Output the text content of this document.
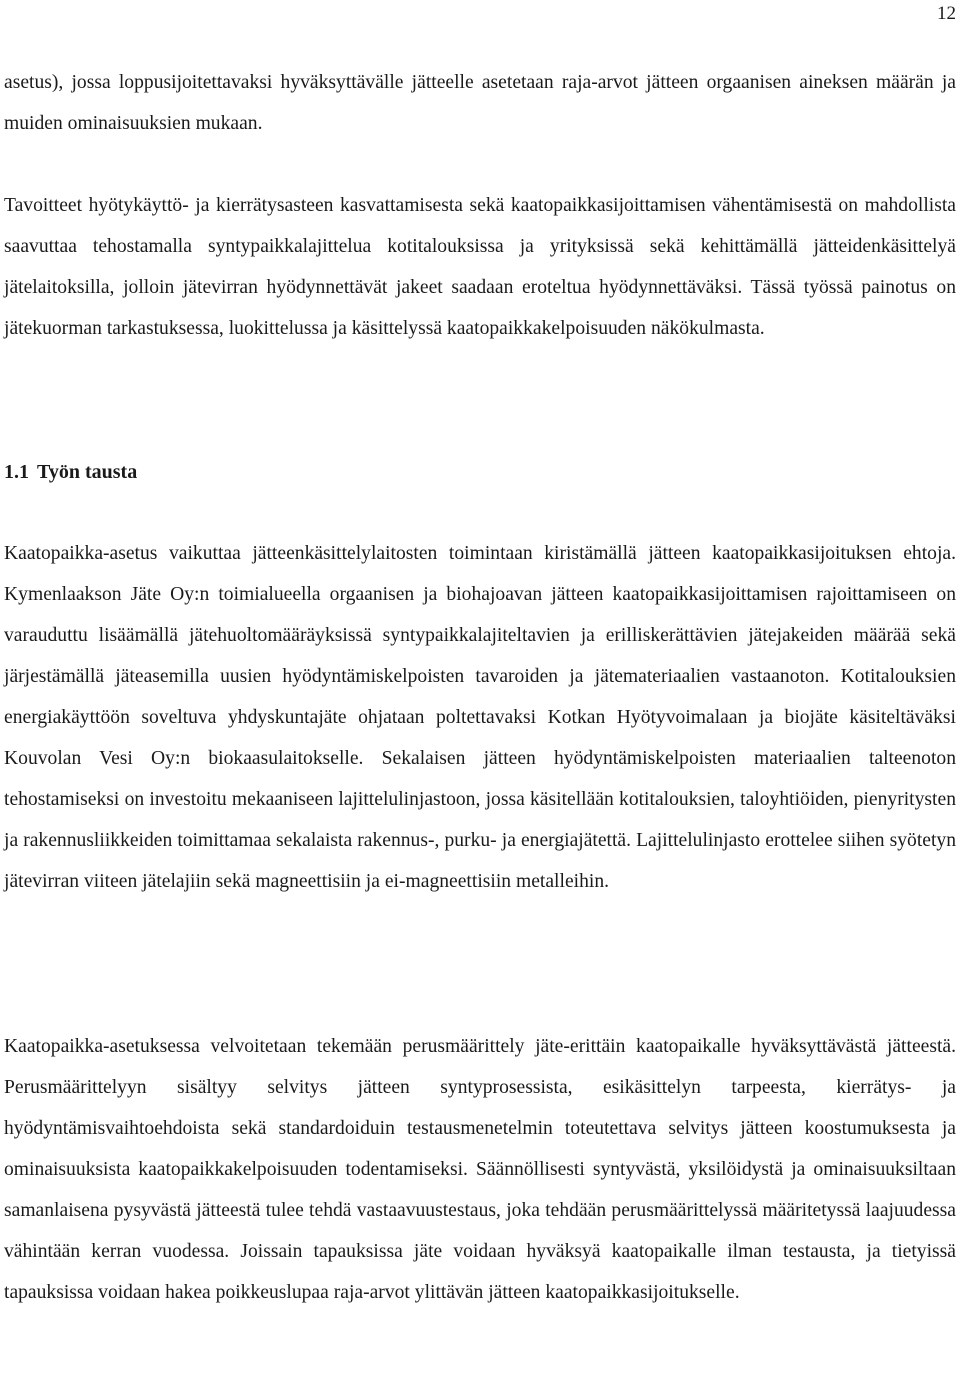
12

asetus), jossa loppusijoitettavaksi hyväksyttävälle jätteelle asetetaan raja-arvot jätteen orgaanisen aineksen määrän ja muiden ominaisuuksien mukaan.

Tavoitteet hyötykäyttö- ja kierrätysasteen kasvattamisesta sekä kaatopaikkasijoittamisen vähentämisestä on mahdollista saavuttaa tehostamalla syntypaikkalajittelua kotitalouksissa ja yrityksissä sekä kehittämällä jätteidenkäsittelyä jätelaitoksilla, jolloin jätevirran hyödynnettävät jakeet saadaan eroteltua hyödynnettäväksi. Tässä työssä painotus on jätekuorman tarkastuksessa, luokittelussa ja käsittelyssä kaatopaikkakelpoisuuden näkökulmasta.

1.1 Työn tausta

Kaatopaikka-asetus vaikuttaa jätteenkäsittelylaitosten toimintaan kiristämällä jätteen kaatopaikkasijoituksen ehtoja. Kymenlaakson Jäte Oy:n toimialueella orgaanisen ja biohajoavan jätteen kaatopaikkasijoittamisen rajoittamiseen on varauduttu lisäämällä jätehuoltomääräyksissä syntypaikkalajiteltavien ja erilliskerättävien jätejakeiden määrää sekä järjestämällä jäteasemilla uusien hyödyntämiskelpoisten tavaroiden ja jätemateriaalien vastaanoton. Kotitalouksien energiakäyttöön soveltuva yhdyskuntajäte ohjataan poltettavaksi Kotkan Hyötyvoimalaan ja biojäte käsiteltäväksi Kouvolan Vesi Oy:n biokaasulaitokselle. Sekalaisen jätteen hyödyntämiskelpoisten materiaalien talteenoton tehostamiseksi on investoitu mekaaniseen lajittelulinjastoon, jossa käsitellään kotitalouksien, taloyhtiöiden, pienyritysten ja rakennusliikkeiden toimittamaa sekalaista rakennus-, purku- ja energiajätettä. Lajittelulinjasto erottelee siihen syötetyn jätevirran viiteen jätelajiin sekä magneettisiin ja ei-magneettisiin metalleihin.

Kaatopaikka-asetuksessa velvoitetaan tekemään perusmäärittely jäte-erittäin kaatopaikalle hyväksyttävästä jätteestä. Perusmäärittelyyn sisältyy selvitys jätteen syntyprosessista, esikäsittelyn tarpeesta, kierrätys- ja hyödyntämisvaihtoehdoista sekä standardoiduin testausmenetelmin toteutettava selvitys jätteen koostumuksesta ja ominaisuuksista kaatopaikkakelpoisuuden todentamiseksi. Säännöllisesti syntyvästä, yksilöidystä ja ominaisuuksiltaan samanlaisena pysyvästä jätteestä tulee tehdä vastaavuustestaus, joka tehdään perusmäärittelyssä määritetyssä laajuudessa vähintään kerran vuodessa. Joissain tapauksissa jäte voidaan hyväksyä kaatopaikalle ilman testausta, ja tietyissä tapauksissa voidaan hakea poikkeuslupaa raja-arvot ylittävän jätteen kaatopaikkasijoitukselle.
